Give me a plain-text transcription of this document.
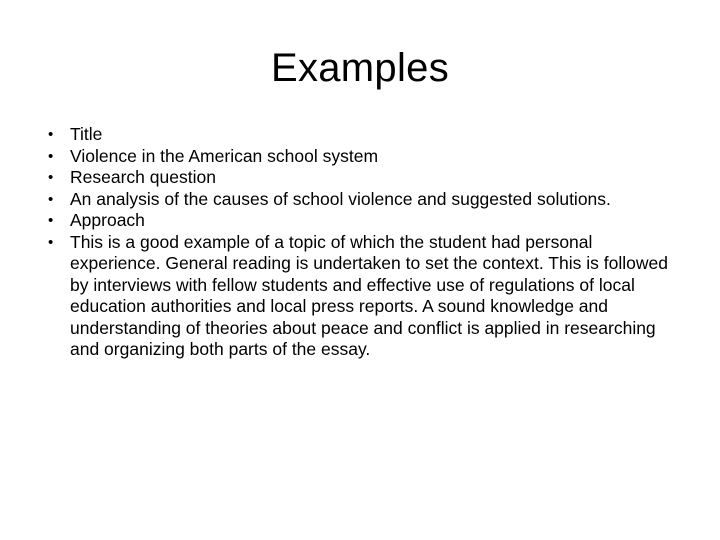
Examples
• Title
• Violence in the American school system
• Research question
• An analysis of the causes of school violence and suggested solutions.
• Approach
• This is a good example of a topic of which the student had personal experience. General reading is undertaken to set the context. This is followed by interviews with fellow students and effective use of regulations of local education authorities and local press reports. A sound knowledge and understanding of theories about peace and conflict is applied in researching and organizing both parts of the essay.
